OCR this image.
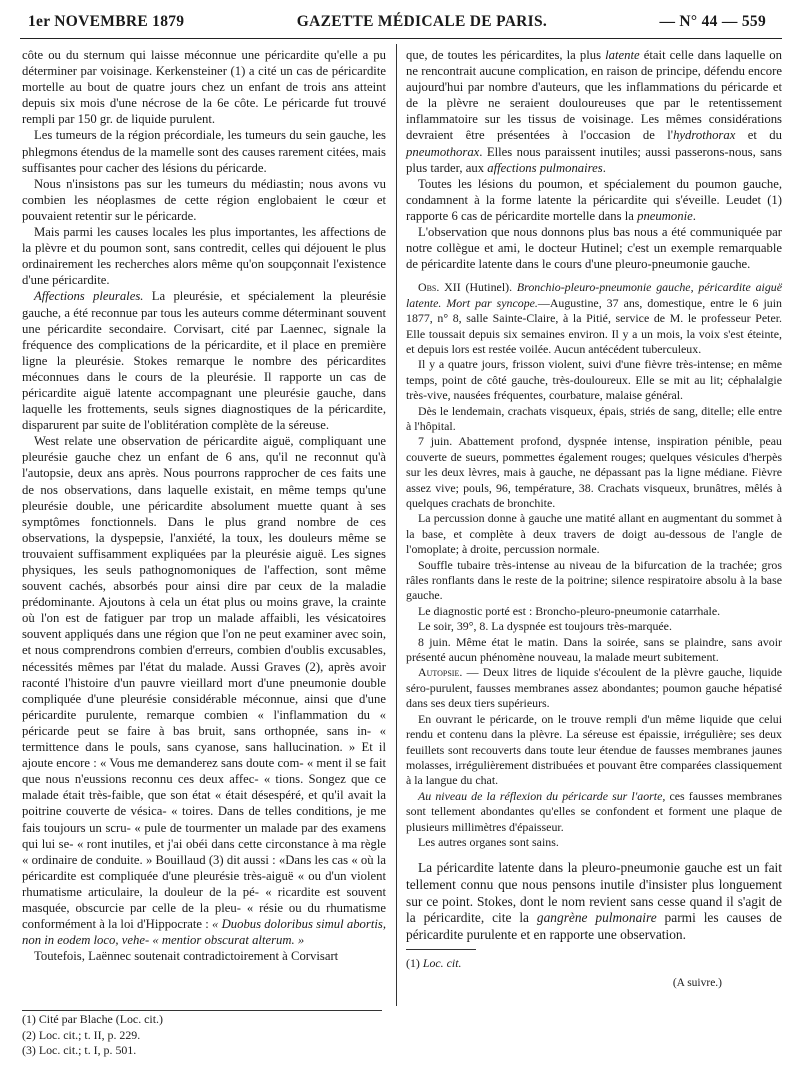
1er NOVEMBRE 1879	GAZETTE MÉDICALE DE PARIS.	— N° 44 — 559

côte ou du sternum qui laisse méconnue une péricardite qu'elle a pu déterminer par voisinage. Kerkensteiner (1) a cité un cas de péricardite mortelle au bout de quatre jours chez un enfant de trois ans atteint depuis six mois d'une nécrose de la 6e côte. Le péricarde fut trouvé rempli par 150 gr. de liquide purulent.

Les tumeurs de la région précordiale, les tumeurs du sein gauche, les phlegmons étendus de la mamelle sont des causes rarement citées, mais suffisantes pour cacher des lésions du péricarde.

Nous n'insistons pas sur les tumeurs du médiastin; nous avons vu combien les néoplasmes de cette région englobaient le cœur et pouvaient retentir sur le péricarde.

Mais parmi les causes locales les plus importantes, les affections de la plèvre et du poumon sont, sans contredit, celles qui déjouent le plus ordinairement les recherches alors même qu'on soupçonnait l'existence d'une péricardite.

Affections pleurales. La pleurésie, et spécialement la pleurésie gauche, a été reconnue par tous les auteurs comme déterminant souvent une péricardite secondaire. Corvisart, cité par Laennec, signale la fréquence des complications de la péricardite, et il place en première ligne la pleurésie. Stokes remarque le nombre des péricardites méconnues dans le cours de la pleurésie. Il rapporte un cas de péricardite aiguë latente accompagnant une pleurésie gauche, dans laquelle les frottements, seuls signes diagnostiques de la péricardite, disparurent par suite de l'oblitération complète de la séreuse.

West relate une observation de péricardite aiguë, compliquant une pleurésie gauche chez un enfant de 6 ans, qu'il ne reconnut qu'à l'autopsie, deux ans après. Nous pourrons rapprocher de ces faits une de nos observations, dans laquelle existait, en même temps qu'une pleurésie double, une péricardite absolument muette quant à ses symptômes fonctionnels. Dans le plus grand nombre de ces observations, la dyspepsie, l'anxiété, la toux, les douleurs même se trouvaient suffisamment expliquées par la pleurésie aiguë. Les signes physiques, les seuls pathognomoniques de l'affection, sont même souvent cachés, absorbés pour ainsi dire par ceux de la maladie prédominante. Ajoutons à cela un état plus ou moins grave, la crainte où l'on est de fatiguer par trop un malade affaibli, les vésicatoires souvent appliqués dans une région que l'on ne peut examiner avec soin, et nous comprendrons combien d'erreurs, combien d'oublis excusables, nécessités mêmes par l'état du malade. Aussi Graves (2), après avoir raconté l'histoire d'un pauvre vieillard mort d'une pneumonie double compliquée d'une pleurésie considérable méconnue, ainsi que d'une péricardite purulente, remarque combien « l'inflammation du « péricarde peut se faire à bas bruit, sans orthopnée, sans in- « termittence dans le pouls, sans cyanose, sans hallucination. » Et il ajoute encore : « Vous me demanderez sans doute com- « ment il se fait que nous n'eussions reconnu ces deux affec- « tions. Songez que ce malade était très-faible, que son état « était désespéré, et qu'il avait la poitrine couverte de vésica- « toires. Dans de telles conditions, je me fais toujours un scru- « pule de tourmenter un malade par des examens qui lui se- « ront inutiles, et j'ai obéi dans cette circonstance à ma règle « ordinaire de conduite. » Bouillaud (3) dit aussi : «Dans les cas « où la péricardite est compliquée d'une pleurésie très-aiguë « ou d'un violent rhumatisme articulaire, la douleur de la pé- « ricardite est souvent masquée, obscurcie par celle de la pleu- « résie ou du rhumatisme conformément à la loi d'Hippocrate : « Duobus doloribus simul abortis, non in eodem loco, vehe- « mentior obscurat alterum. »

Toutefois, Laënnec soutenait contradictoirement à Corvisart

(1) Cité par Blache (Loc. cit.)
(2) Loc. cit.; t. II, p. 229.
(3) Loc. cit.; t. I, p. 501.

que, de toutes les péricardites, la plus latente était celle dans laquelle on ne rencontrait aucune complication, en raison de principe, défendu encore aujourd'hui par nombre d'auteurs, que les inflammations du péricarde et de la plèvre ne seraient douloureuses que par le retentissement inflammatoire sur les tissus de voisinage. Les mêmes considérations devraient être présentées à l'occasion de l'hydrothorax et du pneumothorax. Elles nous paraissent inutiles; aussi passerons-nous, sans plus tarder, aux affections pulmonaires.

Toutes les lésions du poumon, et spécialement du poumon gauche, condamnent à la forme latente la péricardite qui s'éveille. Leudet (1) rapporte 6 cas de péricardite mortelle dans la pneumonie.

L'observation que nous donnons plus bas nous a été communiquée par notre collègue et ami, le docteur Hutinel; c'est un exemple remarquable de péricardite latente dans le cours d'une pleuro-pneumonie gauche.

Obs. XII (Hutinel). Bronchio-pleuro-pneumonie gauche, péricardite aiguë latente. Mort par syncope.—Augustine, 37 ans, domestique, entre le 6 juin 1877, n° 8, salle Sainte-Claire, à la Pitié, service de M. le professeur Peter. Elle toussait depuis six semaines environ. Il y a un mois, la voix s'est éteinte, et depuis lors est restée voilée. Aucun antécédent tuberculeux.

Il y a quatre jours, frisson violent, suivi d'une fièvre très-intense; en même temps, point de côté gauche, très-douloureux. Elle se mit au lit; céphalalgie très-vive, nausées fréquentes, courbature, malaise général.

Dès le lendemain, crachats visqueux, épais, striés de sang, ditelle; elle entre à l'hôpital.

7 juin. Abattement profond, dyspnée intense, inspiration pénible, peau couverte de sueurs, pommettes également rouges; quelques vésicules d'herpès sur les deux lèvres, mais à gauche, ne dépassant pas la ligne médiane. Fièvre assez vive; pouls, 96, température, 38. Crachats visqueux, brunâtres, mêlés à quelques crachats de bronchite.

La percussion donne à gauche une matité allant en augmentant du sommet à la base, et complète à deux travers de doigt au-dessous de l'angle de l'omoplate; à droite, percussion normale.

Souffle tubaire très-intense au niveau de la bifurcation de la trachée; gros râles ronflants dans le reste de la poitrine; silence respiratoire absolu à la base gauche.

Le diagnostic porté est : Broncho-pleuro-pneumonie catarrhale.

Le soir, 39°, 8. La dyspnée est toujours très-marquée.

8 juin. Même état le matin. Dans la soirée, sans se plaindre, sans avoir présenté aucun phénomène nouveau, la malade meurt subitement.

Autopsie. — Deux litres de liquide s'écoulent de la plèvre gauche, liquide séro-purulent, fausses membranes assez abondantes; poumon gauche hépatisé dans ses deux tiers supérieurs.

En ouvrant le péricarde, on le trouve rempli d'un même liquide que celui rendu et contenu dans la plèvre. La séreuse est épaissie, irrégulière; ses deux feuillets sont recouverts dans toute leur étendue de fausses membranes jaunes molasses, irrégulièrement distribuées et pouvant être comparées classiquement à la langue du chat.

Au niveau de la réflexion du péricarde sur l'aorte, ces fausses membranes sont tellement abondantes qu'elles se confondent et forment une plaque de plusieurs millimètres d'épaisseur.

Les autres organes sont sains.

La péricardite latente dans la pleuro-pneumonie gauche est un fait tellement connu que nous pensons inutile d'insister plus longuement sur ce point. Stokes, dont le nom revient sans cesse quand il s'agit de la péricardite, cite la gangrène pulmonaire parmi les causes de péricardite purulente et en rapporte une observation.

(1) Loc. cit.
(A suivre.)
